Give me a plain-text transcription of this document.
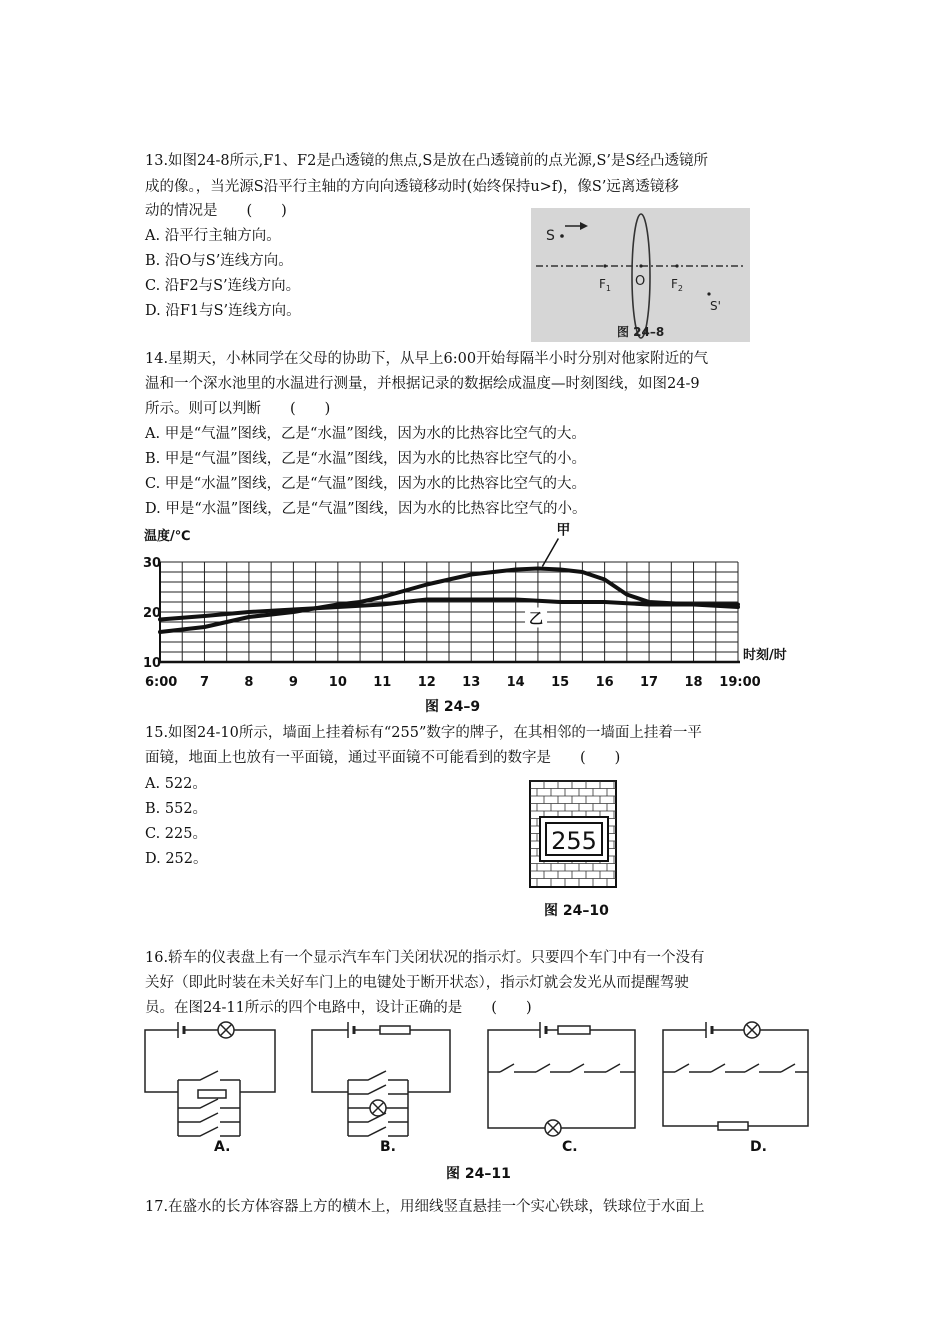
13.如图24-8所示,F1、F2是凸透镜的焦点,S是放在凸透镜前的点光源,S’是S经凸透镜所
成的像。，当光源S沿平行主轴的方向向透镜移动时(始终保持u>f)，像S’远离透镜移
动的情况是　　(　　)
A. 沿平行主轴方向。
B. 沿O与S’连线方向。
C. 沿F2与S’连线方向。
D. 沿F1与S’连线方向。
S
O
$F_1$	$F_2$
S'
图 24–8
14.星期天，小林同学在父母的协助下，从早上6:00开始每隔半小时分别对他家附近的气
温和一个深水池里的水温进行测量，并根据记录的数据绘成温度—时刻图线，如图24-9
所示。则可以判断　　(　　)
A. 甲是“气温”图线，乙是“水温”图线，因为水的比热容比空气的大。
B. 甲是“气温”图线，乙是“水温”图线，因为水的比热容比空气的小。
C. 甲是“水温”图线，乙是“气温”图线，因为水的比热容比空气的大。
D. 甲是“水温”图线，乙是“气温”图线，因为水的比热容比空气的小。
30
20
10
6:00 7	8	9 10 11 12 13 14 15 16 17 18 19:00
温度/℃
时刻/时
甲
乙
图 24–9
15.如图24-10所示，墙面上挂着标有“255”数字的牌子，在其相邻的一墙面上挂着一平
面镜，地面上也放有一平面镜，通过平面镜不可能看到的数字是　　(　　)
A. 522。
B. 552。
C. 225。
D. 252。
255
图 24–10
16.轿车的仪表盘上有一个显示汽车车门关闭状况的指示灯。只要四个车门中有一个没有
关好（即此时装在未关好车门上的电键处于断开状态），指示灯就会发光从而提醒驾驶
员。在图24-11所示的四个电路中，设计正确的是　　(　　)
A.	B.	C.	D.
图 24–11
17.在盛水的长方体容器上方的横木上，用细线竖直悬挂一个实心铁球，铁球位于水面上
